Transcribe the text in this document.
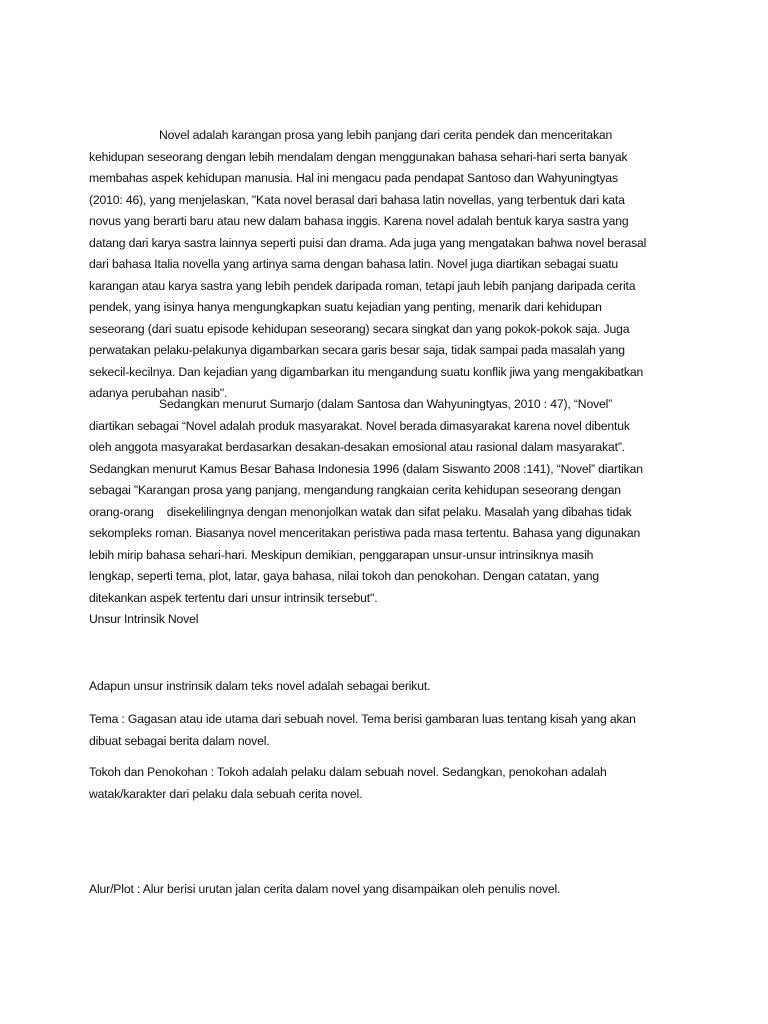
Novel adalah karangan prosa yang lebih panjang dari cerita pendek dan menceritakan
kehidupan seseorang dengan lebih mendalam dengan menggunakan bahasa sehari-hari serta banyak
membahas aspek kehidupan manusia. Hal ini mengacu pada pendapat Santoso dan Wahyuningtyas
(2010: 46), yang menjelaskan, "Kata novel berasal dari bahasa latin novellas, yang terbentuk dari kata
novus yang berarti baru atau new dalam bahasa inggis. Karena novel adalah bentuk karya sastra yang
datang dari karya sastra lainnya seperti puisi dan drama. Ada juga yang mengatakan bahwa novel berasal
dari bahasa Italia novella yang artinya sama dengan bahasa latin. Novel juga diartikan sebagai suatu
karangan atau karya sastra yang lebih pendek daripada roman, tetapi jauh lebih panjang daripada cerita
pendek, yang isinya hanya mengungkapkan suatu kejadian yang penting, menarik dari kehidupan
seseorang (dari suatu episode kehidupan seseorang) secara singkat dan yang pokok-pokok saja. Juga
perwatakan pelaku-pelakunya digambarkan secara garis besar saja, tidak sampai pada masalah yang
sekecil-kecilnya. Dan kejadian yang digambarkan itu mengandung suatu konflik jiwa yang mengakibatkan
adanya perubahan nasib".

Sedangkan menurut Sumarjo (dalam Santosa dan Wahyuningtyas, 2010 : 47), “Novel”
diartikan sebagai “Novel adalah produk masyarakat. Novel berada dimasyarakat karena novel dibentuk
oleh anggota masyarakat berdasarkan desakan-desakan emosional atau rasional dalam masyarakat”.
Sedangkan menurut Kamus Besar Bahasa Indonesia 1996 (dalam Siswanto 2008 :141), “Novel” diartikan
sebagai "Karangan prosa yang panjang, mengandung rangkaian cerita kehidupan seseorang dengan
orang-orang    disekelilingnya dengan menonjolkan watak dan sifat pelaku. Masalah yang dibahas tidak
sekompleks roman. Biasanya novel menceritakan peristiwa pada masa tertentu. Bahasa yang digunakan
lebih mirip bahasa sehari-hari. Meskipun demikian, penggarapan unsur-unsur intrinsiknya masih
lengkap, seperti tema, plot, latar, gaya bahasa, nilai tokoh dan penokohan. Dengan catatan, yang
ditekankan aspek tertentu dari unsur intrinsik tersebut".

Unsur Intrinsik Novel

Adapun unsur instrinsik dalam teks novel adalah sebagai berikut.

Tema : Gagasan atau ide utama dari sebuah novel. Tema berisi gambaran luas tentang kisah yang akan
dibuat sebagai berita dalam novel.

Tokoh dan Penokohan : Tokoh adalah pelaku dalam sebuah novel. Sedangkan, penokohan adalah
watak/karakter dari pelaku dala sebuah cerita novel.

Alur/Plot : Alur berisi urutan jalan cerita dalam novel yang disampaikan oleh penulis novel.
